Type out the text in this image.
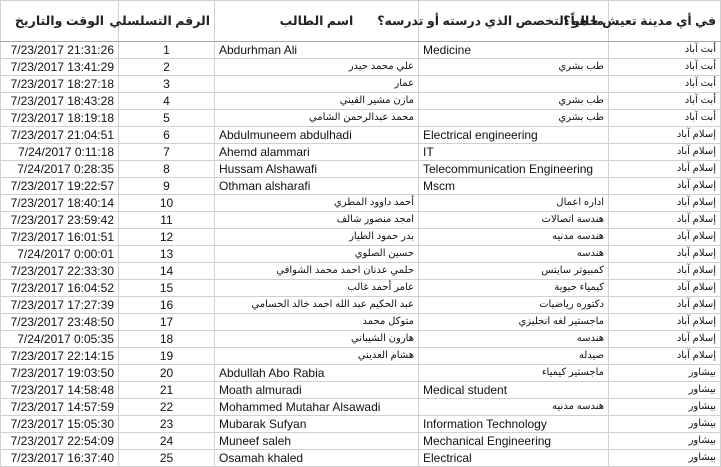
الوقت والتاريخ	الرقم التسلسلي	اسم الطالب	ما هو التخصص الذي درسته أو تدرسه؟	في أي مدينة تعيش حالياً؟
7/23/2017 21:31:26	1	Abdurhman Ali	Medicine	أبت آباد
7/23/2017 13:41:29	2	علي محمد حيدر	طب بشري	أبت آباد
7/23/2017 18:27:18	3	عمار		أبت آباد
7/23/2017 18:43:28	4	مازن مشير القيني	طب بشري	أبت آباد
7/23/2017 18:19:18	5	محمد عبدالرحمن الشامي	طب بشري	أبت آباد
7/23/2017 21:04:51	6	Abdulmuneem abdulhadi	Electrical engineering	إسلام آباد
7/24/2017 0:11:18	7	Ahemd alammari	IT	إسلام آباد
7/24/2017 0:28:35	8	Hussam Alshawafi	Telecommunication Engineering	إسلام آباد
7/23/2017 19:22:57	9	Othman alsharafi	Mscm	إسلام آباد
7/23/2017 18:40:14	10	أحمد داوود المطري	اداره اعمال	إسلام آباد
7/23/2017 23:59:42	11	امجد منصور شالف	هندسة اتصالات	إسلام آباد
7/23/2017 16:01:51	12	بدر حمود الطيار	هندسه مدنيه	إسلام آباد
7/24/2017 0:00:01	13	حسين الصلوي	هندسه	إسلام آباد
7/23/2017 22:33:30	14	حلمي عدنان احمد محمد الشوافي	كمبيوتر سايتس	إسلام آباد
7/23/2017 16:04:52	15	عامر أحمد غالب	كيمياء حيوية	إسلام آباد
7/23/2017 17:27:39	16	عبد الحكيم عبد الله احمد خالد الحسامي	دكتوره رياضيات	إسلام آباد
7/23/2017 23:48:50	17	متوكل محمد	ماجستير لغه انجليزي	إسلام آباد
7/24/2017 0:05:35	18	هارون الشيباني	هندسه	إسلام آباد
7/23/2017 22:14:15	19	هشام العديني	صيدله	إسلام آباد
7/23/2017 19:03:50	20	Abdullah Abo Rabia	ماجستير كيمياء	بيشاور
7/23/2017 14:58:48	21	Moath almuradi	Medical student	بيشاور
7/23/2017 14:57:59	22	Mohammed Mutahar Alsawadi	هندسه مدنيه	بيشاور
7/23/2017 15:05:30	23	Mubarak Sufyan	Information Technology	بيشاور
7/23/2017 22:54:09	24	Muneef saleh	Mechanical Engineering	بيشاور
7/23/2017 16:37:40	25	Osamah khaled	Electrical	بيشاور
